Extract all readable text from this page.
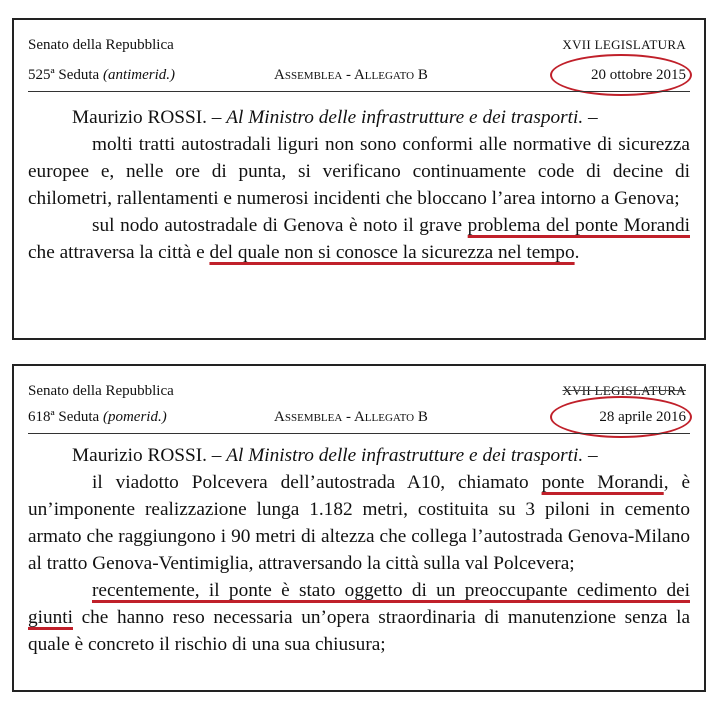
Senato della Repubblica	XVII LEGISLATURA
525ª Seduta (antimerid.)	Assemblea - Allegato B	20 ottobre 2015

Maurizio ROSSI. – Al Ministro delle infrastrutture e dei trasporti. –

molti tratti autostradali liguri non sono conformi alle normative di sicurezza europee e, nelle ore di punta, si verificano continuamente code di decine di chilometri, rallentamenti e numerosi incidenti che bloccano l’area intorno a Genova;

sul nodo autostradale di Genova è noto il grave problema del ponte Morandi che attraversa la città e del quale non si conosce la sicurezza nel tempo.

Senato della Repubblica	XVII LEGISLATURA
618ª Seduta (pomerid.)	Assemblea - Allegato B	28 aprile 2016

Maurizio ROSSI. – Al Ministro delle infrastrutture e dei trasporti. –

il viadotto Polcevera dell’autostrada A10, chiamato ponte Morandi, è un’imponente realizzazione lunga 1.182 metri, costituita su 3 piloni in cemento armato che raggiungono i 90 metri di altezza che collega l’autostrada Genova-Milano al tratto Genova-Ventimiglia, attraversando la città sulla val Polcevera;

recentemente, il ponte è stato oggetto di un preoccupante cedimento dei giunti che hanno reso necessaria un’opera straordinaria di manutenzione senza la quale è concreto il rischio di una sua chiusura;
